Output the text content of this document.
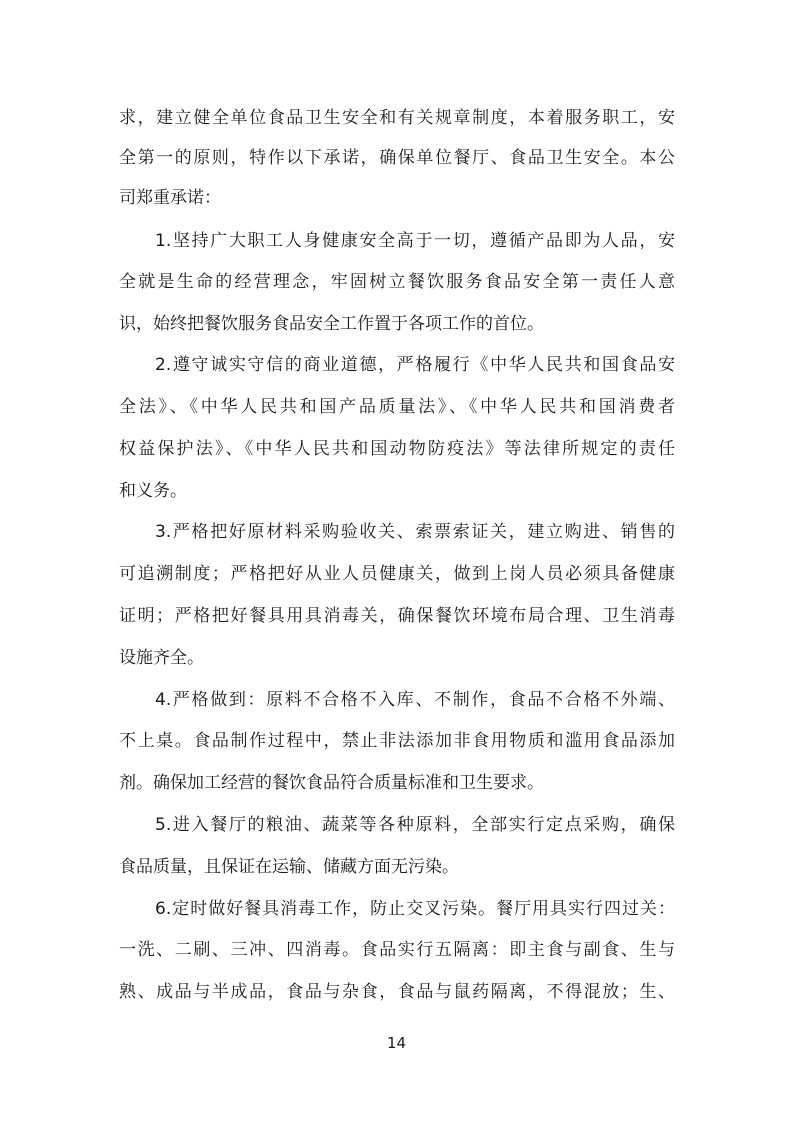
求，建立健全单位食品卫生安全和有关规章制度，本着服务职工，安
全第一的原则，特作以下承诺，确保单位餐厅、食品卫生安全。本公
司郑重承诺：
1.坚持广大职工人身健康安全高于一切，遵循产品即为人品，安
全就是生命的经营理念，牢固树立餐饮服务食品安全第一责任人意
识，始终把餐饮服务食品安全工作置于各项工作的首位。
2.遵守诚实守信的商业道德，严格履行《中华人民共和国食品安
全法》、《中华人民共和国产品质量法》、《中华人民共和国消费者
权益保护法》、《中华人民共和国动物防疫法》等法律所规定的责任
和义务。
3.严格把好原材料采购验收关、索票索证关，建立购进、销售的
可追溯制度；严格把好从业人员健康关，做到上岗人员必须具备健康
证明；严格把好餐具用具消毒关，确保餐饮环境布局合理、卫生消毒
设施齐全。
4.严格做到：原料不合格不入库、不制作，食品不合格不外端、
不上桌。食品制作过程中，禁止非法添加非食用物质和滥用食品添加
剂。确保加工经营的餐饮食品符合质量标准和卫生要求。
5.进入餐厅的粮油、蔬菜等各种原料，全部实行定点采购，确保
食品质量，且保证在运输、储藏方面无污染。
6.定时做好餐具消毒工作，防止交叉污染。餐厅用具实行四过关：
一洗、二刷、三冲、四消毒。食品实行五隔离：即主食与副食、生与
熟、成品与半成品，食品与杂食，食品与鼠药隔离，不得混放；生、
14
